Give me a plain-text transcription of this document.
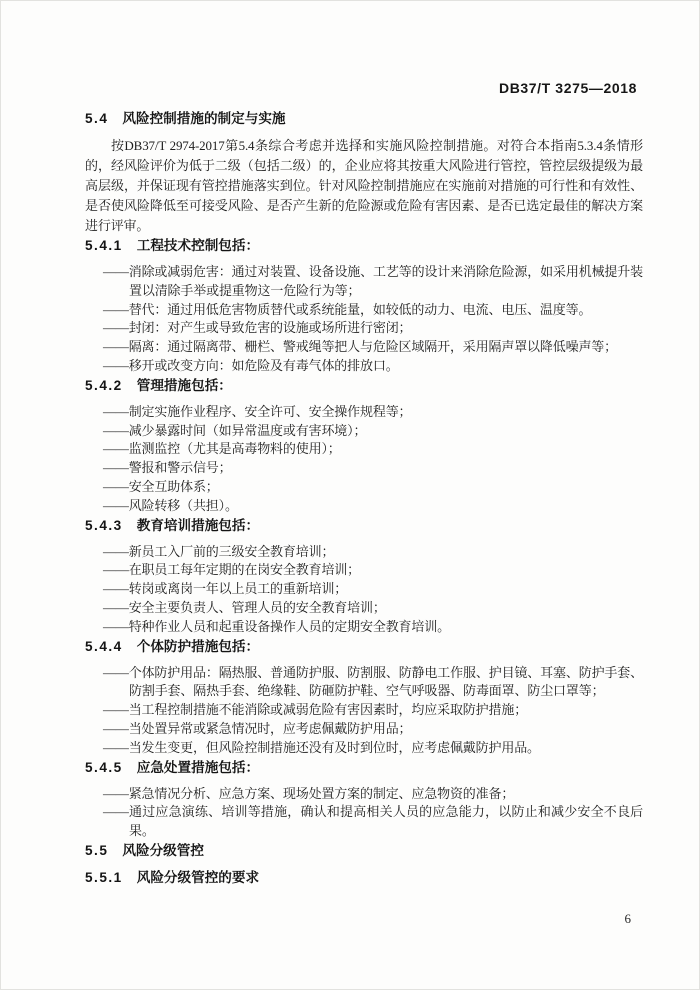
DB37/T 3275—2018
5.4 风险控制措施的制定与实施

按DB37/T 2974-2017第5.4条综合考虑并选择和实施风险控制措施。对符合本指南5.3.4条情形的，经风险评价为低于二级（包括二级）的，企业应将其按重大风险进行管控，管控层级提级为最高层级，并保证现有管控措施落实到位。针对风险控制措施应在实施前对措施的可行性和有效性、是否使风险降低至可接受风险、是否产生新的危险源或危险有害因素、是否已选定最佳的解决方案进行评审。

5.4.1 工程技术控制包括：
——消除或减弱危害：通过对装置、设备设施、工艺等的设计来消除危险源，如采用机械提升装置以清除手举或提重物这一危险行为等；
——替代：通过用低危害物质替代或系统能量，如较低的动力、电流、电压、温度等。
——封闭：对产生或导致危害的设施或场所进行密闭；
——隔离：通过隔离带、栅栏、警戒绳等把人与危险区域隔开，采用隔声罩以降低噪声等；
——移开或改变方向：如危险及有毒气体的排放口。
5.4.2 管理措施包括：
——制定实施作业程序、安全许可、安全操作规程等；
——减少暴露时间（如异常温度或有害环境）；
——监测监控（尤其是高毒物料的使用）；
——警报和警示信号；
——安全互助体系；
——风险转移（共担）。
5.4.3 教育培训措施包括：
——新员工入厂前的三级安全教育培训；
——在职员工每年定期的在岗安全教育培训；
——转岗或离岗一年以上员工的重新培训；
——安全主要负责人、管理人员的安全教育培训；
——特种作业人员和起重设备操作人员的定期安全教育培训。
5.4.4 个体防护措施包括：
——个体防护用品：隔热服、普通防护服、防割服、防静电工作服、护目镜、耳塞、防护手套、防割手套、隔热手套、绝缘鞋、防砸防护鞋、空气呼吸器、防毒面罩、防尘口罩等；
——当工程控制措施不能消除或减弱危险有害因素时，均应采取防护措施；
——当处置异常或紧急情况时，应考虑佩戴防护用品；
——当发生变更，但风险控制措施还没有及时到位时，应考虑佩戴防护用品。
5.4.5 应急处置措施包括：
——紧急情况分析、应急方案、现场处置方案的制定、应急物资的准备；
——通过应急演练、培训等措施，确认和提高相关人员的应急能力，以防止和减少安全不良后果。
5.5 风险分级管控
5.5.1 风险分级管控的要求
6
